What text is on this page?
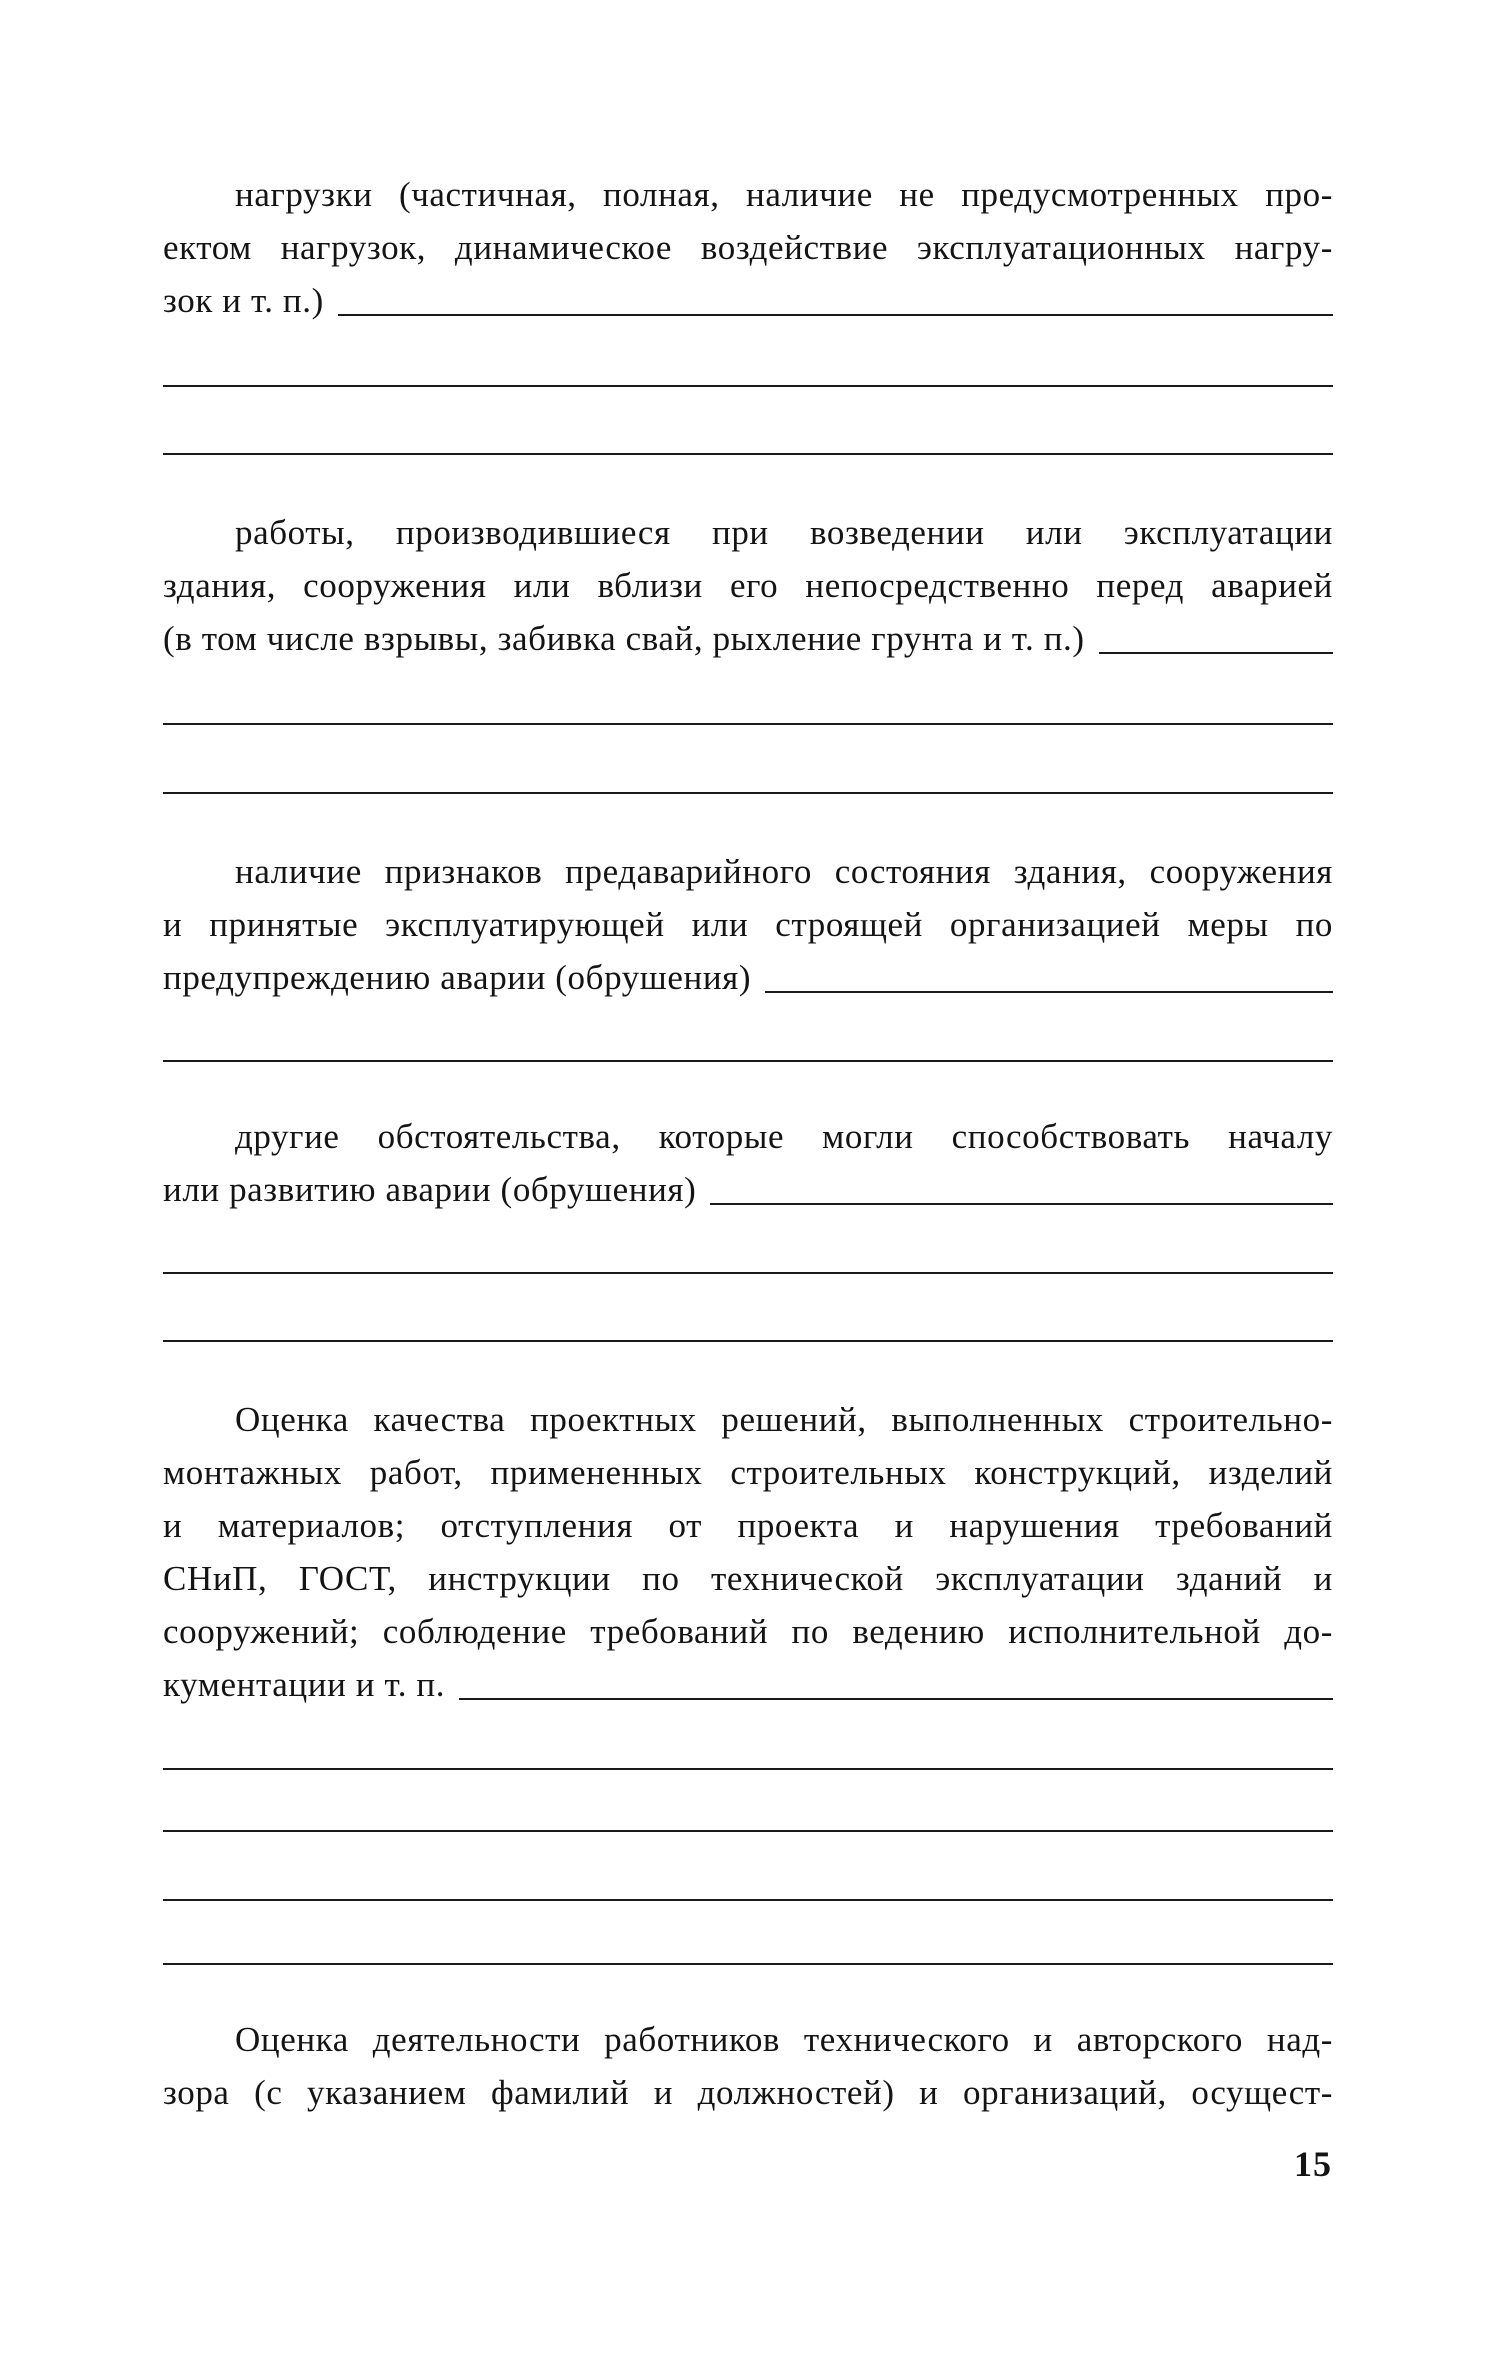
нагрузки (частичная, полная, наличие не предусмотренных про-
ектом нагрузок, динамическое воздействие эксплуатационных нагру-
зок и т. п.)
работы, производившиеся при возведении или эксплуатации
здания, сооружения или вблизи его непосредственно перед аварией
(в том числе взрывы, забивка свай, рыхление грунта и т. п.)
наличие признаков предаварийного состояния здания, сооружения
и принятые эксплуатирующей или строящей организацией меры по
предупреждению аварии (обрушения)
другие обстоятельства, которые могли способствовать началу
или развитию аварии (обрушения)
Оценка качества проектных решений, выполненных строительно-
монтажных работ, примененных строительных конструкций, изделий
и материалов; отступления от проекта и нарушения требований
СНиП, ГОСТ, инструкции по технической эксплуатации зданий и
сооружений; соблюдение требований по ведению исполнительной до-
кументации и т. п.
Оценка деятельности работников технического и авторского над-
зора (с указанием фамилий и должностей) и организаций, осущест-
15
